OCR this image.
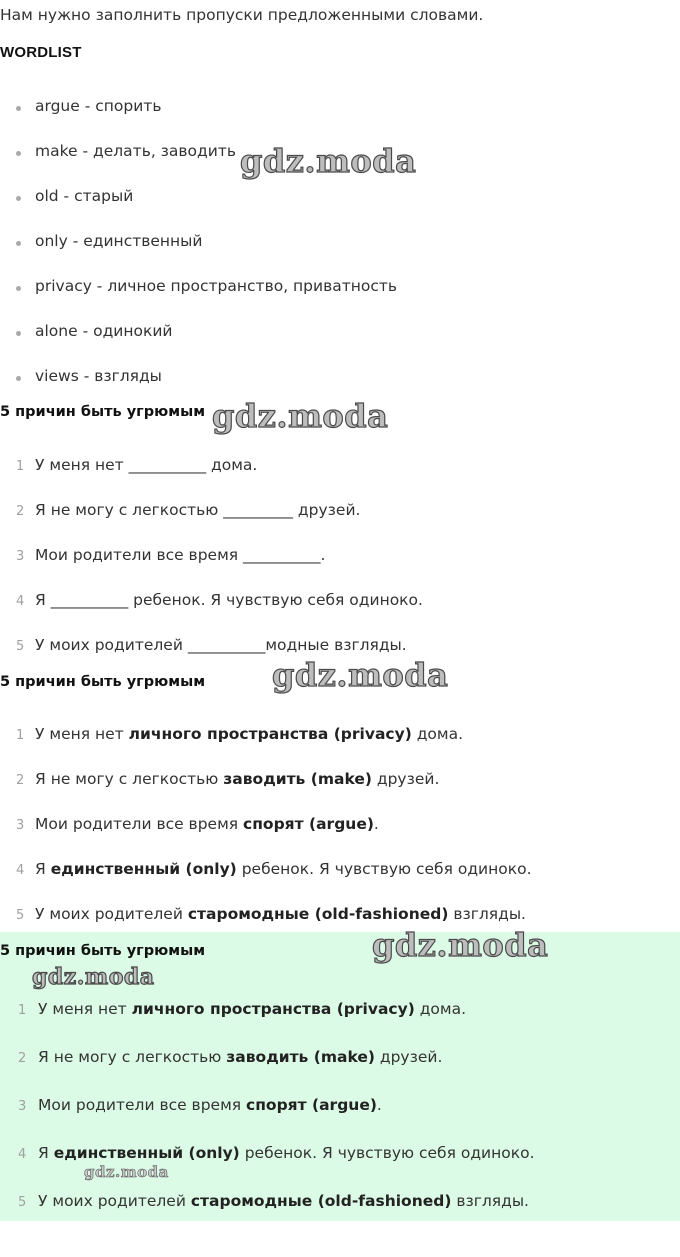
Нам нужно заполнить пропуски предложенными словами.
WORDLIST
argue - спорить
make - делать, заводить
old - старый
only - единственный
privacy - личное пространство, приватность
alone - одинокий
views - взгляды
5 причин быть угрюмым
1 У меня нет __________ дома.
2 Я не могу с легкостью _________ друзей.
3 Мои родители все время __________.
4 Я __________ ребенок. Я чувствую себя одиноко.
5 У моих родителей __________модные взгляды.
5 причин быть угрюмым
1 У меня нет личного пространства (privacy) дома.
2 Я не могу с легкостью заводить (make) друзей.
3 Мои родители все время спорят (argue).
4 Я единственный (only) ребенок. Я чувствую себя одиноко.
5 У моих родителей старомодные (old-fashioned) взгляды.
5 причин быть угрюмым
1 У меня нет личного пространства (privacy) дома.
2 Я не могу с легкостью заводить (make) друзей.
3 Мои родители все время спорят (argue).
4 Я единственный (only) ребенок. Я чувствую себя одиноко.
5 У моих родителей старомодные (old-fashioned) взгляды.
gdz.moda
gdz.moda
gdz.moda
gdz.moda
gdz.moda
gdz.moda
